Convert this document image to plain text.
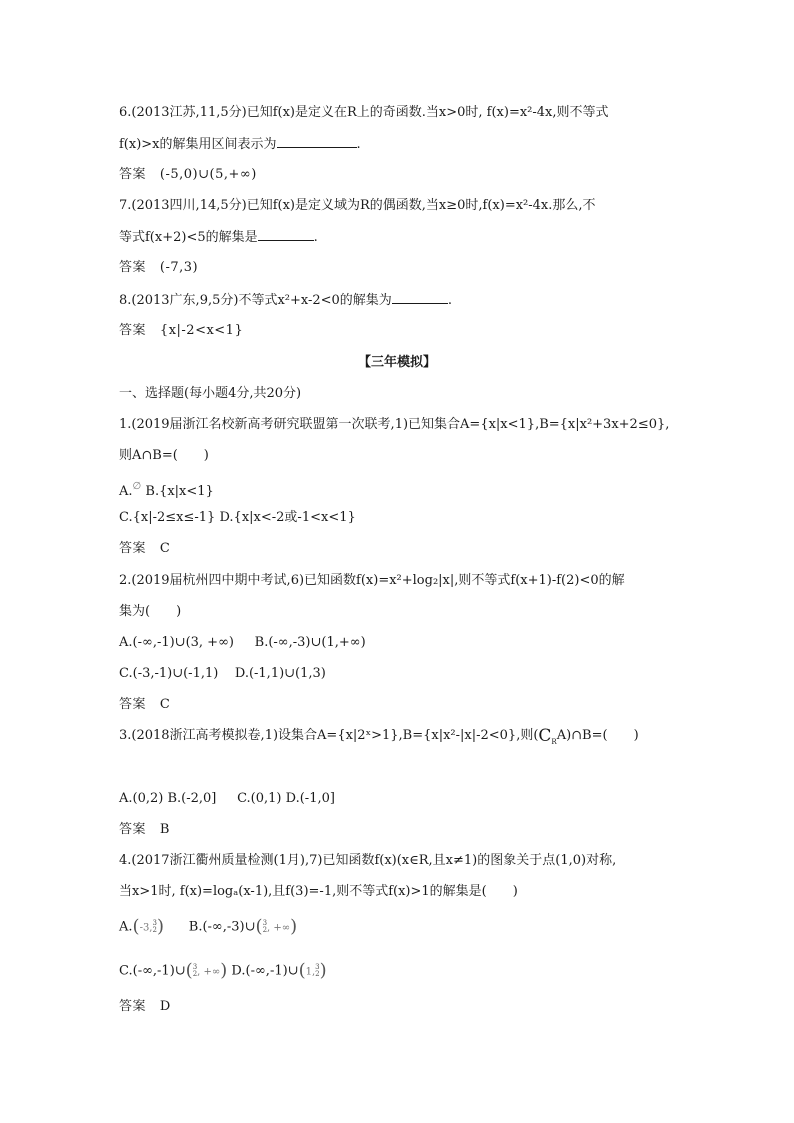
6.(2013江苏,11,5分)已知f(x)是定义在R上的奇函数.当x>0时, f(x)=x²-4x,则不等式
f(x)>x的解集用区间表示为	.
答案 (-5,0)∪(5,+∞)
7.(2013四川,14,5分)已知f(x)是定义域为R的偶函数,当x≥0时,f(x)=x²-4x.那么,不
等式f(x+2)<5的解集是	.
答案 (-7,3)
8.(2013广东,9,5分)不等式x²+x-2<0的解集为	.
答案 {x|-2<x<1}
【三年模拟】
一、选择题(每小题4分,共20分)
1.(2019届浙江名校新高考研究联盟第一次联考,1)已知集合A={x|x<1},B={x|x²+3x+2≤0},
则A∩B=(　　)
A.∅ B.{x|x<1}
C.{x|-2≤x≤-1} D.{x|x<-2或-1<x<1}
答案 C
2.(2019届杭州四中期中考试,6)已知函数f(x)=x²+log₂|x|,则不等式f(x+1)-f(2)<0的解
集为(　　)
A.(-∞,-1)∪(3, +∞) B.(-∞,-3)∪(1,+∞)
C.(-3,-1)∪(-1,1) D.(-1,1)∪(1,3)
答案 C
3.(2018浙江高考模拟卷,1)设集合A={x|2ˣ>1},B={x|x²-|x|-2<0},则$(C_RA)\cap B=$(　　)
A.(0,2) B.(-2,0] C.(0,1) D.(-1,0]
答案 B
4.(2017浙江衢州质量检测(1月),7)已知函数f(x)(x∈R,且x≠1)的图象关于点(1,0)对称,
当x>1时, f(x)=logₐ(x-1),且f(3)=-1,则不等式f(x)>1的解集是(　　)
A.(-3,3
2) B.(-∞,-3)∪(3
2, +∞)
C.(-∞,-1)∪(3
2, +∞) D.(-∞,-1)∪(1,3
2)
答案 D
